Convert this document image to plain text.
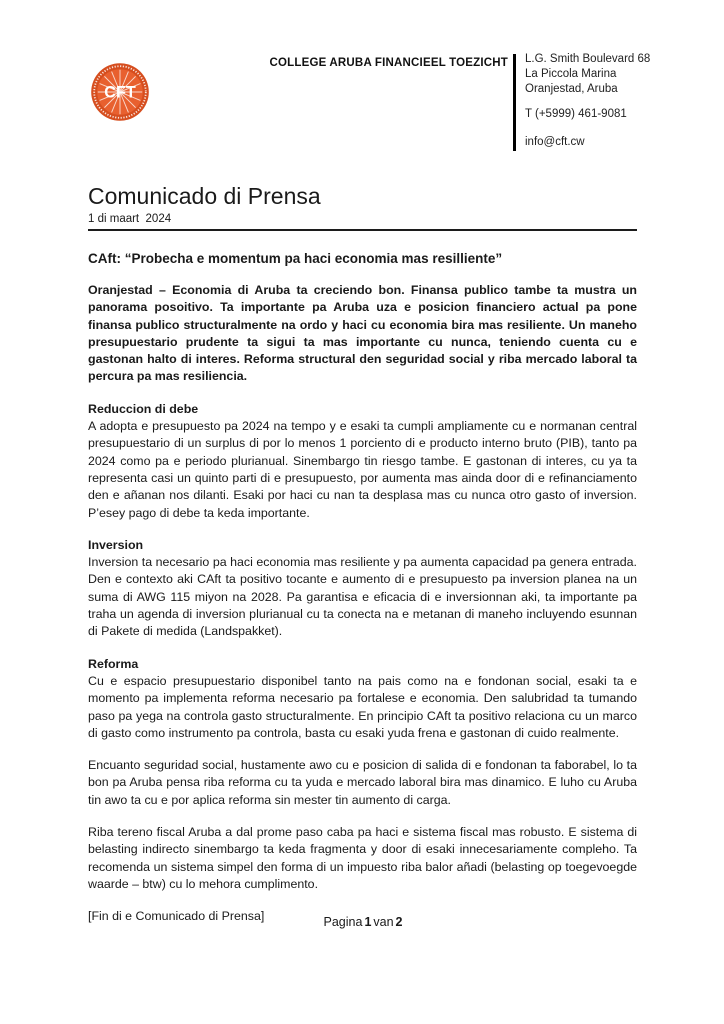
CFT
COLLEGE ARUBA FINANCIEEL TOEZICHT L.G. Smith Boulevard 68
La Piccola Marina
Oranjestad, Aruba
T (+5999) 461-9081
info@cft.cw
Comunicado di Prensa
1 di maart  2024
CAft: “Probecha e momentum pa haci economia mas resilliente”

Oranjestad – Economia di Aruba ta creciendo bon. Finansa publico tambe ta mustra un panorama posoitivo. Ta importante pa Aruba uza e posicion financiero actual pa pone finansa publico structuralmente na ordo y haci cu economia bira mas resiliente. Un maneho presupuestario prudente ta sigui ta mas importante cu nunca, teniendo cuenta cu e gastonan halto di interes. Reforma structural den seguridad social y riba mercado laboral ta percura pa mas resiliencia.

Reduccion di debe

A adopta e presupuesto pa 2024 na tempo y e esaki ta cumpli ampliamente cu e normanan central presupuestario di un surplus di por lo menos 1 porciento di e producto interno bruto (PIB), tanto pa 2024 como pa e periodo plurianual. Sinembargo tin riesgo tambe. E gastonan di interes, cu ya ta representa casi un quinto parti di e presupuesto, por aumenta mas ainda door di e refinanciamento den e añanan nos dilanti. Esaki por haci cu nan ta desplasa mas cu nunca otro gasto of inversion. P’esey pago di debe ta keda importante.

Inversion

Inversion ta necesario pa haci economia mas resiliente y pa aumenta capacidad pa genera entrada. Den e contexto aki CAft ta positivo tocante e aumento di e presupuesto pa inversion planea na un suma di AWG 115 miyon na 2028. Pa garantisa e eficacia di e inversionnan aki, ta importante pa traha un agenda di inversion plurianual cu ta conecta na e metanan di maneho incluyendo esunnan di Pakete di medida (Landspakket).

Reforma

Cu e espacio presupuestario disponibel tanto na pais como na e fondonan social, esaki ta e momento pa implementa reforma necesario pa fortalese e economia. Den salubridad ta tumando paso pa yega na controla gasto structuralmente. En principio CAft ta positivo relaciona cu un marco di gasto como instrumento pa controla, basta cu esaki yuda frena e gastonan di cuido realmente.

Encuanto seguridad social, hustamente awo cu e posicion di salida di e fondonan ta faborabel, lo ta bon pa Aruba pensa riba reforma cu ta yuda e mercado laboral bira mas dinamico. E luho cu Aruba tin awo ta cu e por aplica reforma sin mester tin aumento di carga.

Riba tereno fiscal Aruba a dal prome paso caba pa haci e sistema fiscal mas robusto. E sistema di belasting indirecto sinembargo ta keda fragmenta y door di esaki innecesariamente compleho. Ta recomenda un sistema simpel den forma di un impuesto riba balor añadi (belasting op toegevoegde waarde – btw) cu lo mehora cumplimento.

[Fin di e Comunicado di Prensa]	Pagina 1 van 2
